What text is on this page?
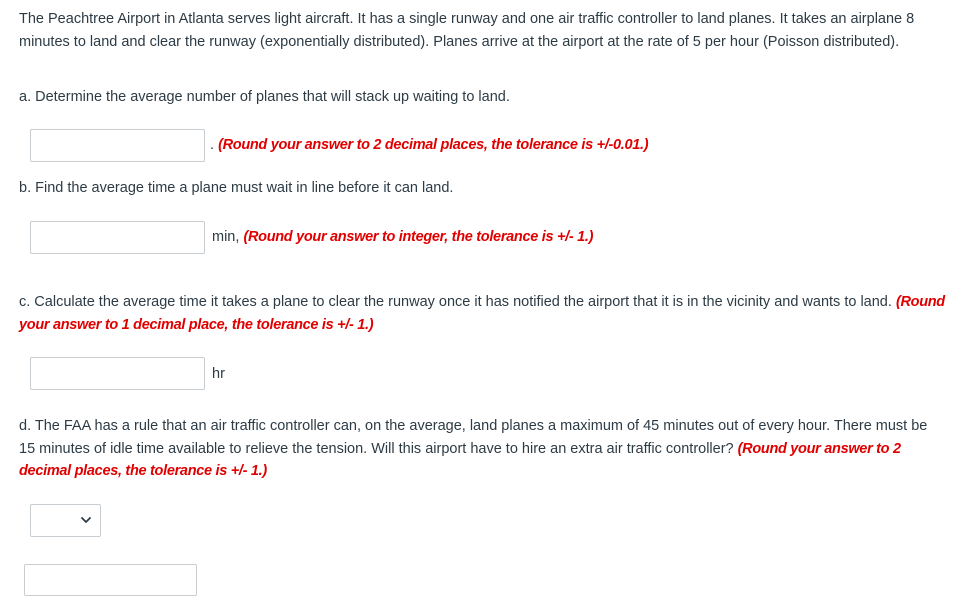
The Peachtree Airport in Atlanta serves light aircraft. It has a single runway and one air traffic controller to land planes. It takes an airplane 8 minutes to land and clear the runway (exponentially distributed). Planes arrive at the airport at the rate of 5 per hour (Poisson distributed).

a. Determine the average number of planes that will stack up waiting to land.

. (Round your answer to 2 decimal places, the tolerance is +/-0.01.)

b. Find the average time a plane must wait in line before it can land.

min, (Round your answer to integer, the tolerance is +/- 1.)

c. Calculate the average time it takes a plane to clear the runway once it has notified the airport that it is in the vicinity and wants to land. (Round your answer to 1 decimal place, the tolerance is +/- 1.)

hr

d. The FAA has a rule that an air traffic controller can, on the average, land planes a maximum of 45 minutes out of every hour. There must be 15 minutes of idle time available to relieve the tension. Will this airport have to hire an extra air traffic controller? (Round your answer to 2 decimal places, the tolerance is +/- 1.)
